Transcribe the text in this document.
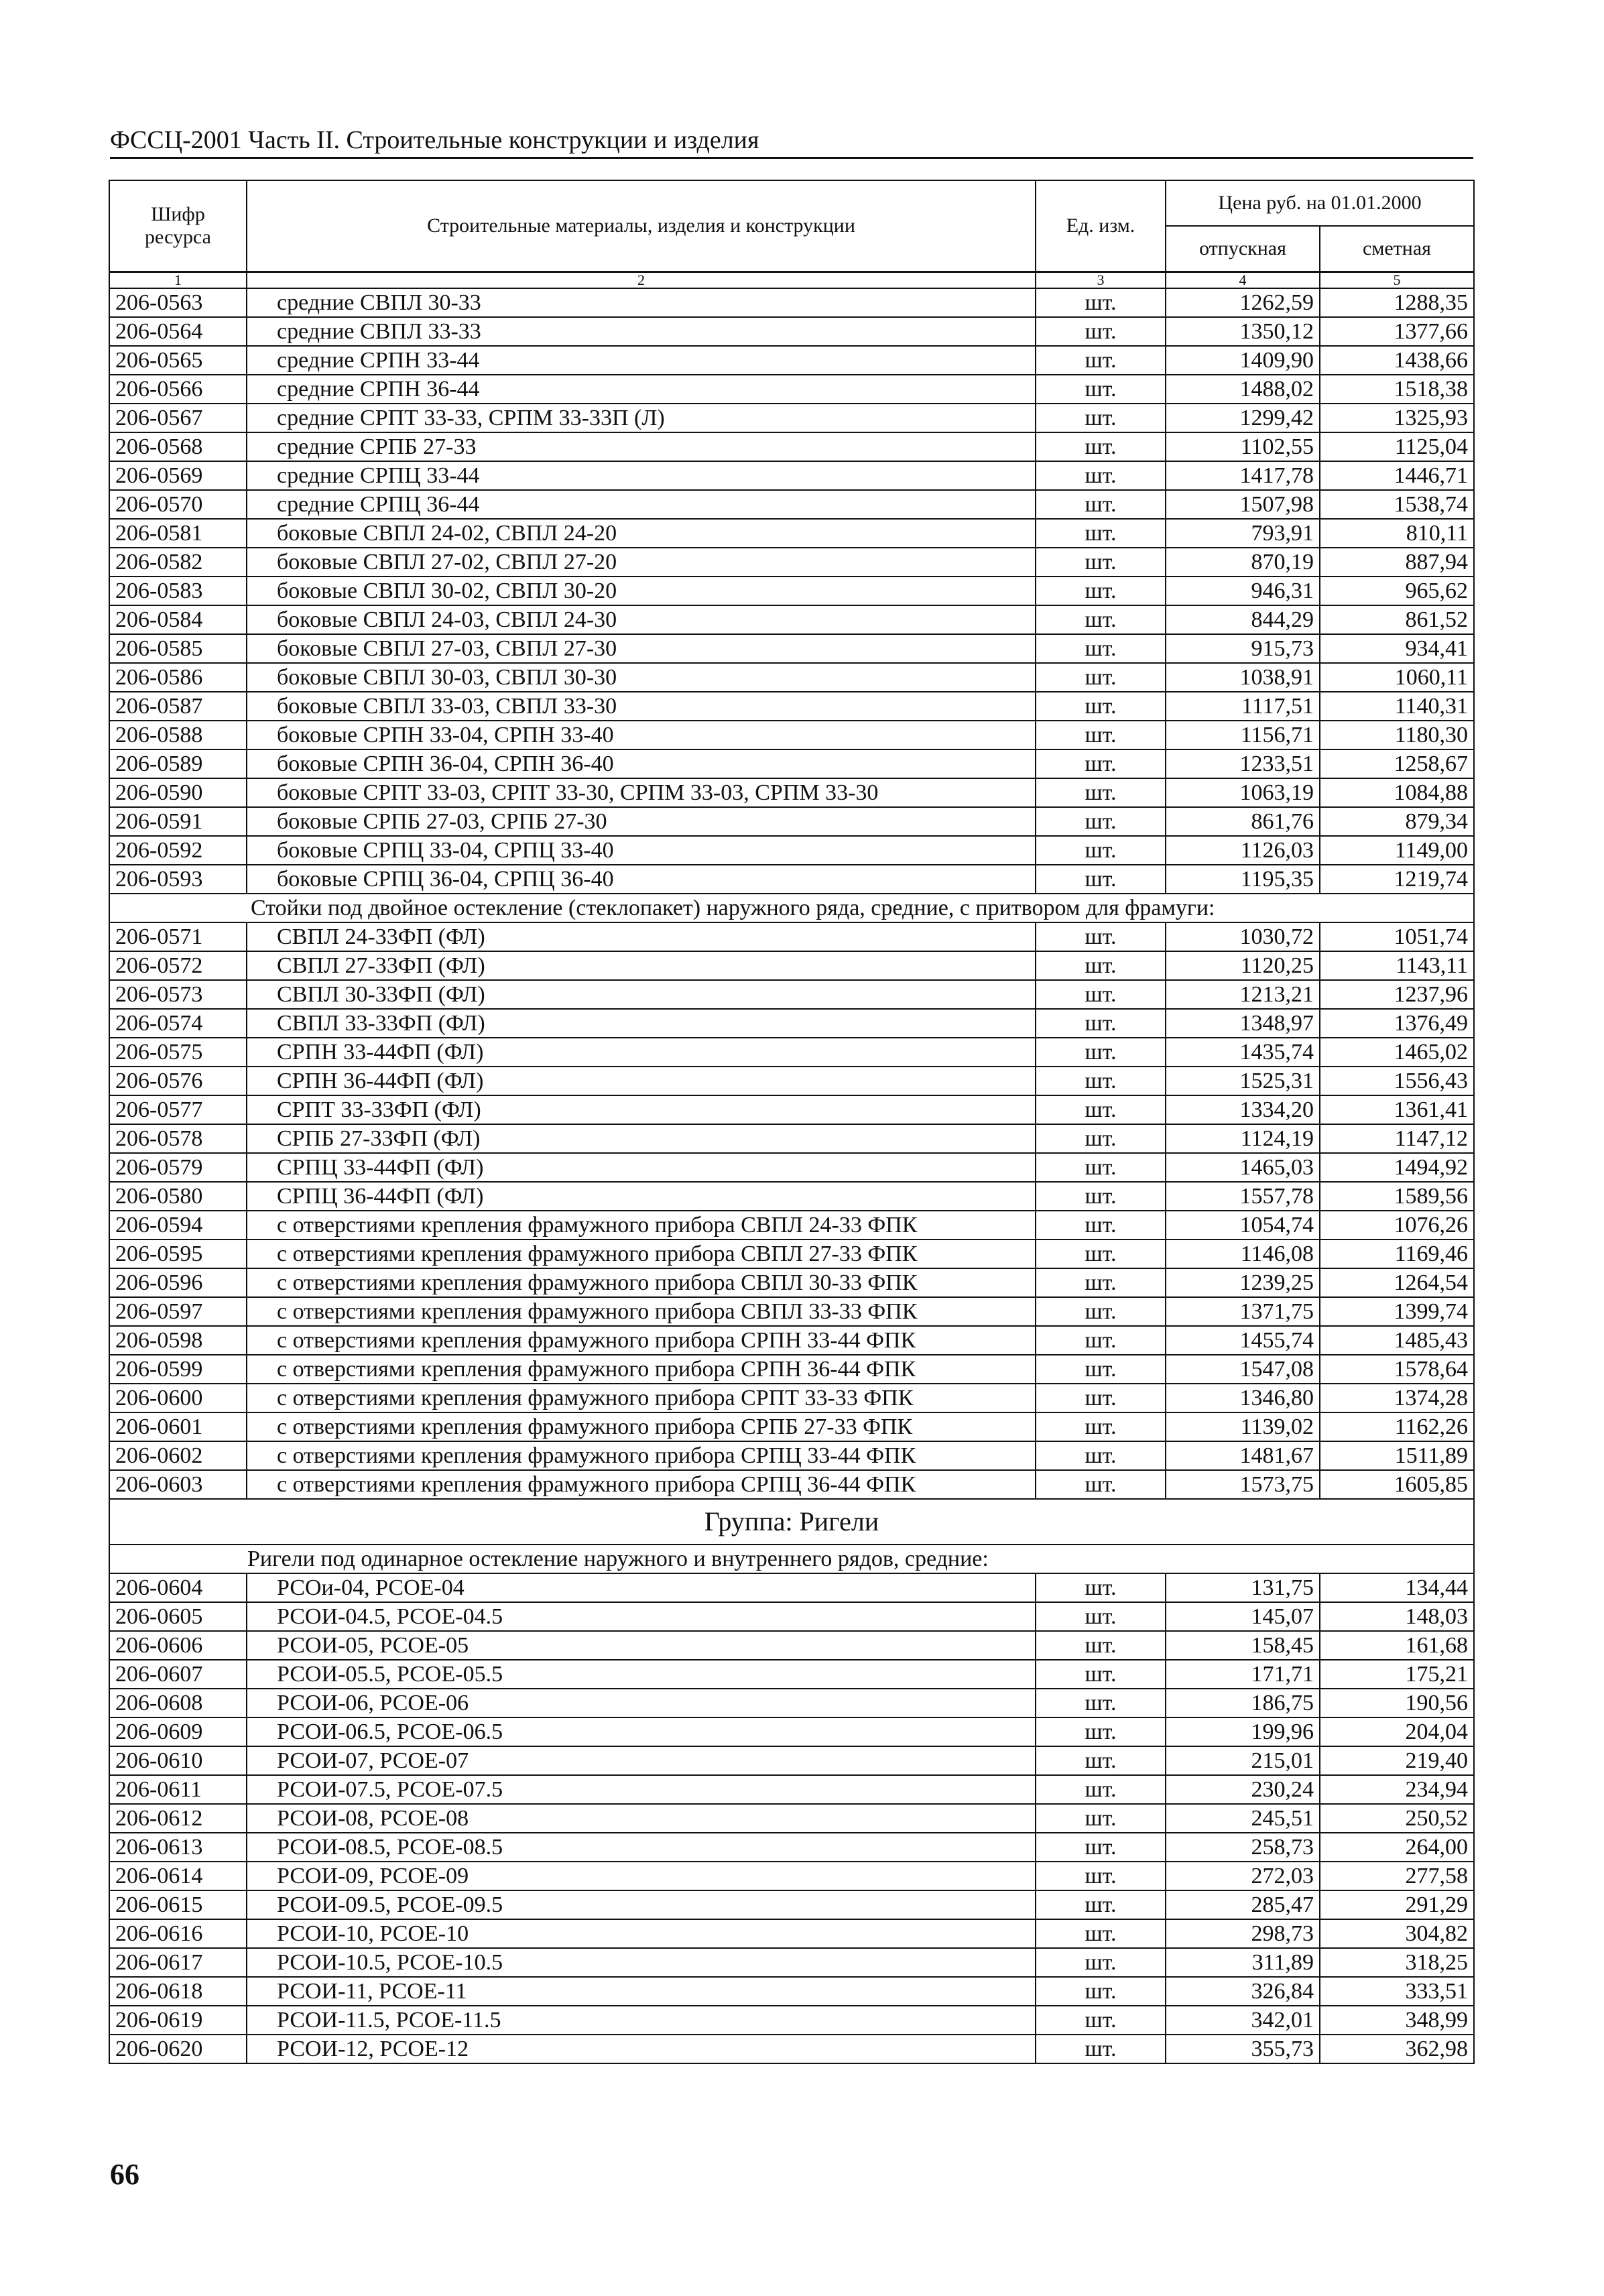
ФССЦ-2001 Часть II. Строительные конструкции и изделия
Шифр ресурса	Строительные материалы, изделия и конструкции	Ед. изм.	Цена руб. на 01.01.2000	
			отпускная	сметная
1	2	3	4	5
206-0563	средние СВПЛ 30-33	шт.	1262,59	1288,35
206-0564	средние СВПЛ 33-33	шт.	1350,12	1377,66
206-0565	средние СРПН 33-44	шт.	1409,90	1438,66
206-0566	средние СРПН 36-44	шт.	1488,02	1518,38
206-0567	средние СРПТ 33-33, СРПМ 33-33П (Л)	шт.	1299,42	1325,93
206-0568	средние СРПБ 27-33	шт.	1102,55	1125,04
206-0569	средние СРПЦ 33-44	шт.	1417,78	1446,71
206-0570	средние СРПЦ 36-44	шт.	1507,98	1538,74
206-0581	боковые СВПЛ 24-02, СВПЛ 24-20	шт.	793,91	810,11
206-0582	боковые СВПЛ 27-02, СВПЛ 27-20	шт.	870,19	887,94
206-0583	боковые СВПЛ 30-02, СВПЛ 30-20	шт.	946,31	965,62
206-0584	боковые СВПЛ 24-03, СВПЛ 24-30	шт.	844,29	861,52
206-0585	боковые СВПЛ 27-03, СВПЛ 27-30	шт.	915,73	934,41
206-0586	боковые СВПЛ 30-03, СВПЛ 30-30	шт.	1038,91	1060,11
206-0587	боковые СВПЛ 33-03, СВПЛ 33-30	шт.	1117,51	1140,31
206-0588	боковые СРПН 33-04, СРПН 33-40	шт.	1156,71	1180,30
206-0589	боковые СРПН 36-04, СРПН 36-40	шт.	1233,51	1258,67
206-0590	боковые СРПТ 33-03, СРПТ 33-30, СРПМ 33-03, СРПМ 33-30	шт.	1063,19	1084,88
206-0591	боковые СРПБ 27-03, СРПБ 27-30	шт.	861,76	879,34
206-0592	боковые СРПЦ 33-04, СРПЦ 33-40	шт.	1126,03	1149,00
206-0593	боковые СРПЦ 36-04, СРПЦ 36-40	шт.	1195,35	1219,74
Стойки под двойное остекление (стеклопакет) наружного ряда, средние, с притвором для фрамуги:				
206-0571	СВПЛ 24-33ФП (ФЛ)	шт.	1030,72	1051,74
206-0572	СВПЛ 27-33ФП (ФЛ)	шт.	1120,25	1143,11
206-0573	СВПЛ 30-33ФП (ФЛ)	шт.	1213,21	1237,96
206-0574	СВПЛ 33-33ФП (ФЛ)	шт.	1348,97	1376,49
206-0575	СРПН 33-44ФП (ФЛ)	шт.	1435,74	1465,02
206-0576	СРПН 36-44ФП (ФЛ)	шт.	1525,31	1556,43
206-0577	СРПТ 33-33ФП (ФЛ)	шт.	1334,20	1361,41
206-0578	СРПБ 27-33ФП (ФЛ)	шт.	1124,19	1147,12
206-0579	СРПЦ 33-44ФП (ФЛ)	шт.	1465,03	1494,92
206-0580	СРПЦ 36-44ФП (ФЛ)	шт.	1557,78	1589,56
206-0594	с отверстиями крепления фрамужного прибора СВПЛ 24-33 ФПК	шт.	1054,74	1076,26
206-0595	с отверстиями крепления фрамужного прибора СВПЛ 27-33 ФПК	шт.	1146,08	1169,46
206-0596	с отверстиями крепления фрамужного прибора СВПЛ 30-33 ФПК	шт.	1239,25	1264,54
206-0597	с отверстиями крепления фрамужного прибора СВПЛ 33-33 ФПК	шт.	1371,75	1399,74
206-0598	с отверстиями крепления фрамужного прибора СРПН 33-44 ФПК	шт.	1455,74	1485,43
206-0599	с отверстиями крепления фрамужного прибора СРПН 36-44 ФПК	шт.	1547,08	1578,64
206-0600	с отверстиями крепления фрамужного прибора СРПТ 33-33 ФПК	шт.	1346,80	1374,28
206-0601	с отверстиями крепления фрамужного прибора СРПБ 27-33 ФПК	шт.	1139,02	1162,26
206-0602	с отверстиями крепления фрамужного прибора СРПЦ 33-44 ФПК	шт.	1481,67	1511,89
206-0603	с отверстиями крепления фрамужного прибора СРПЦ 36-44 ФПК	шт.	1573,75	1605,85
Группа: Ригели				
Ригели под одинарное остекление наружного и внутреннего рядов, средние:				
206-0604	РСОи-04, РСОЕ-04	шт.	131,75	134,44
206-0605	РСОИ-04.5, РСОЕ-04.5	шт.	145,07	148,03
206-0606	РСОИ-05, РСОЕ-05	шт.	158,45	161,68
206-0607	РСОИ-05.5, РСОЕ-05.5	шт.	171,71	175,21
206-0608	РСОИ-06, РСОЕ-06	шт.	186,75	190,56
206-0609	РСОИ-06.5, РСОЕ-06.5	шт.	199,96	204,04
206-0610	РСОИ-07, РСОЕ-07	шт.	215,01	219,40
206-0611	РСОИ-07.5, РСОЕ-07.5	шт.	230,24	234,94
206-0612	РСОИ-08, РСОЕ-08	шт.	245,51	250,52
206-0613	РСОИ-08.5, РСОЕ-08.5	шт.	258,73	264,00
206-0614	РСОИ-09, РСОЕ-09	шт.	272,03	277,58
206-0615	РСОИ-09.5, РСОЕ-09.5	шт.	285,47	291,29
206-0616	РСОИ-10, РСОЕ-10	шт.	298,73	304,82
206-0617	РСОИ-10.5, РСОЕ-10.5	шт.	311,89	318,25
206-0618	РСОИ-11, РСОЕ-11	шт.	326,84	333,51
206-0619	РСОИ-11.5, РСОЕ-11.5	шт.	342,01	348,99
206-0620	РСОИ-12, РСОЕ-12	шт.	355,73	362,98
66
